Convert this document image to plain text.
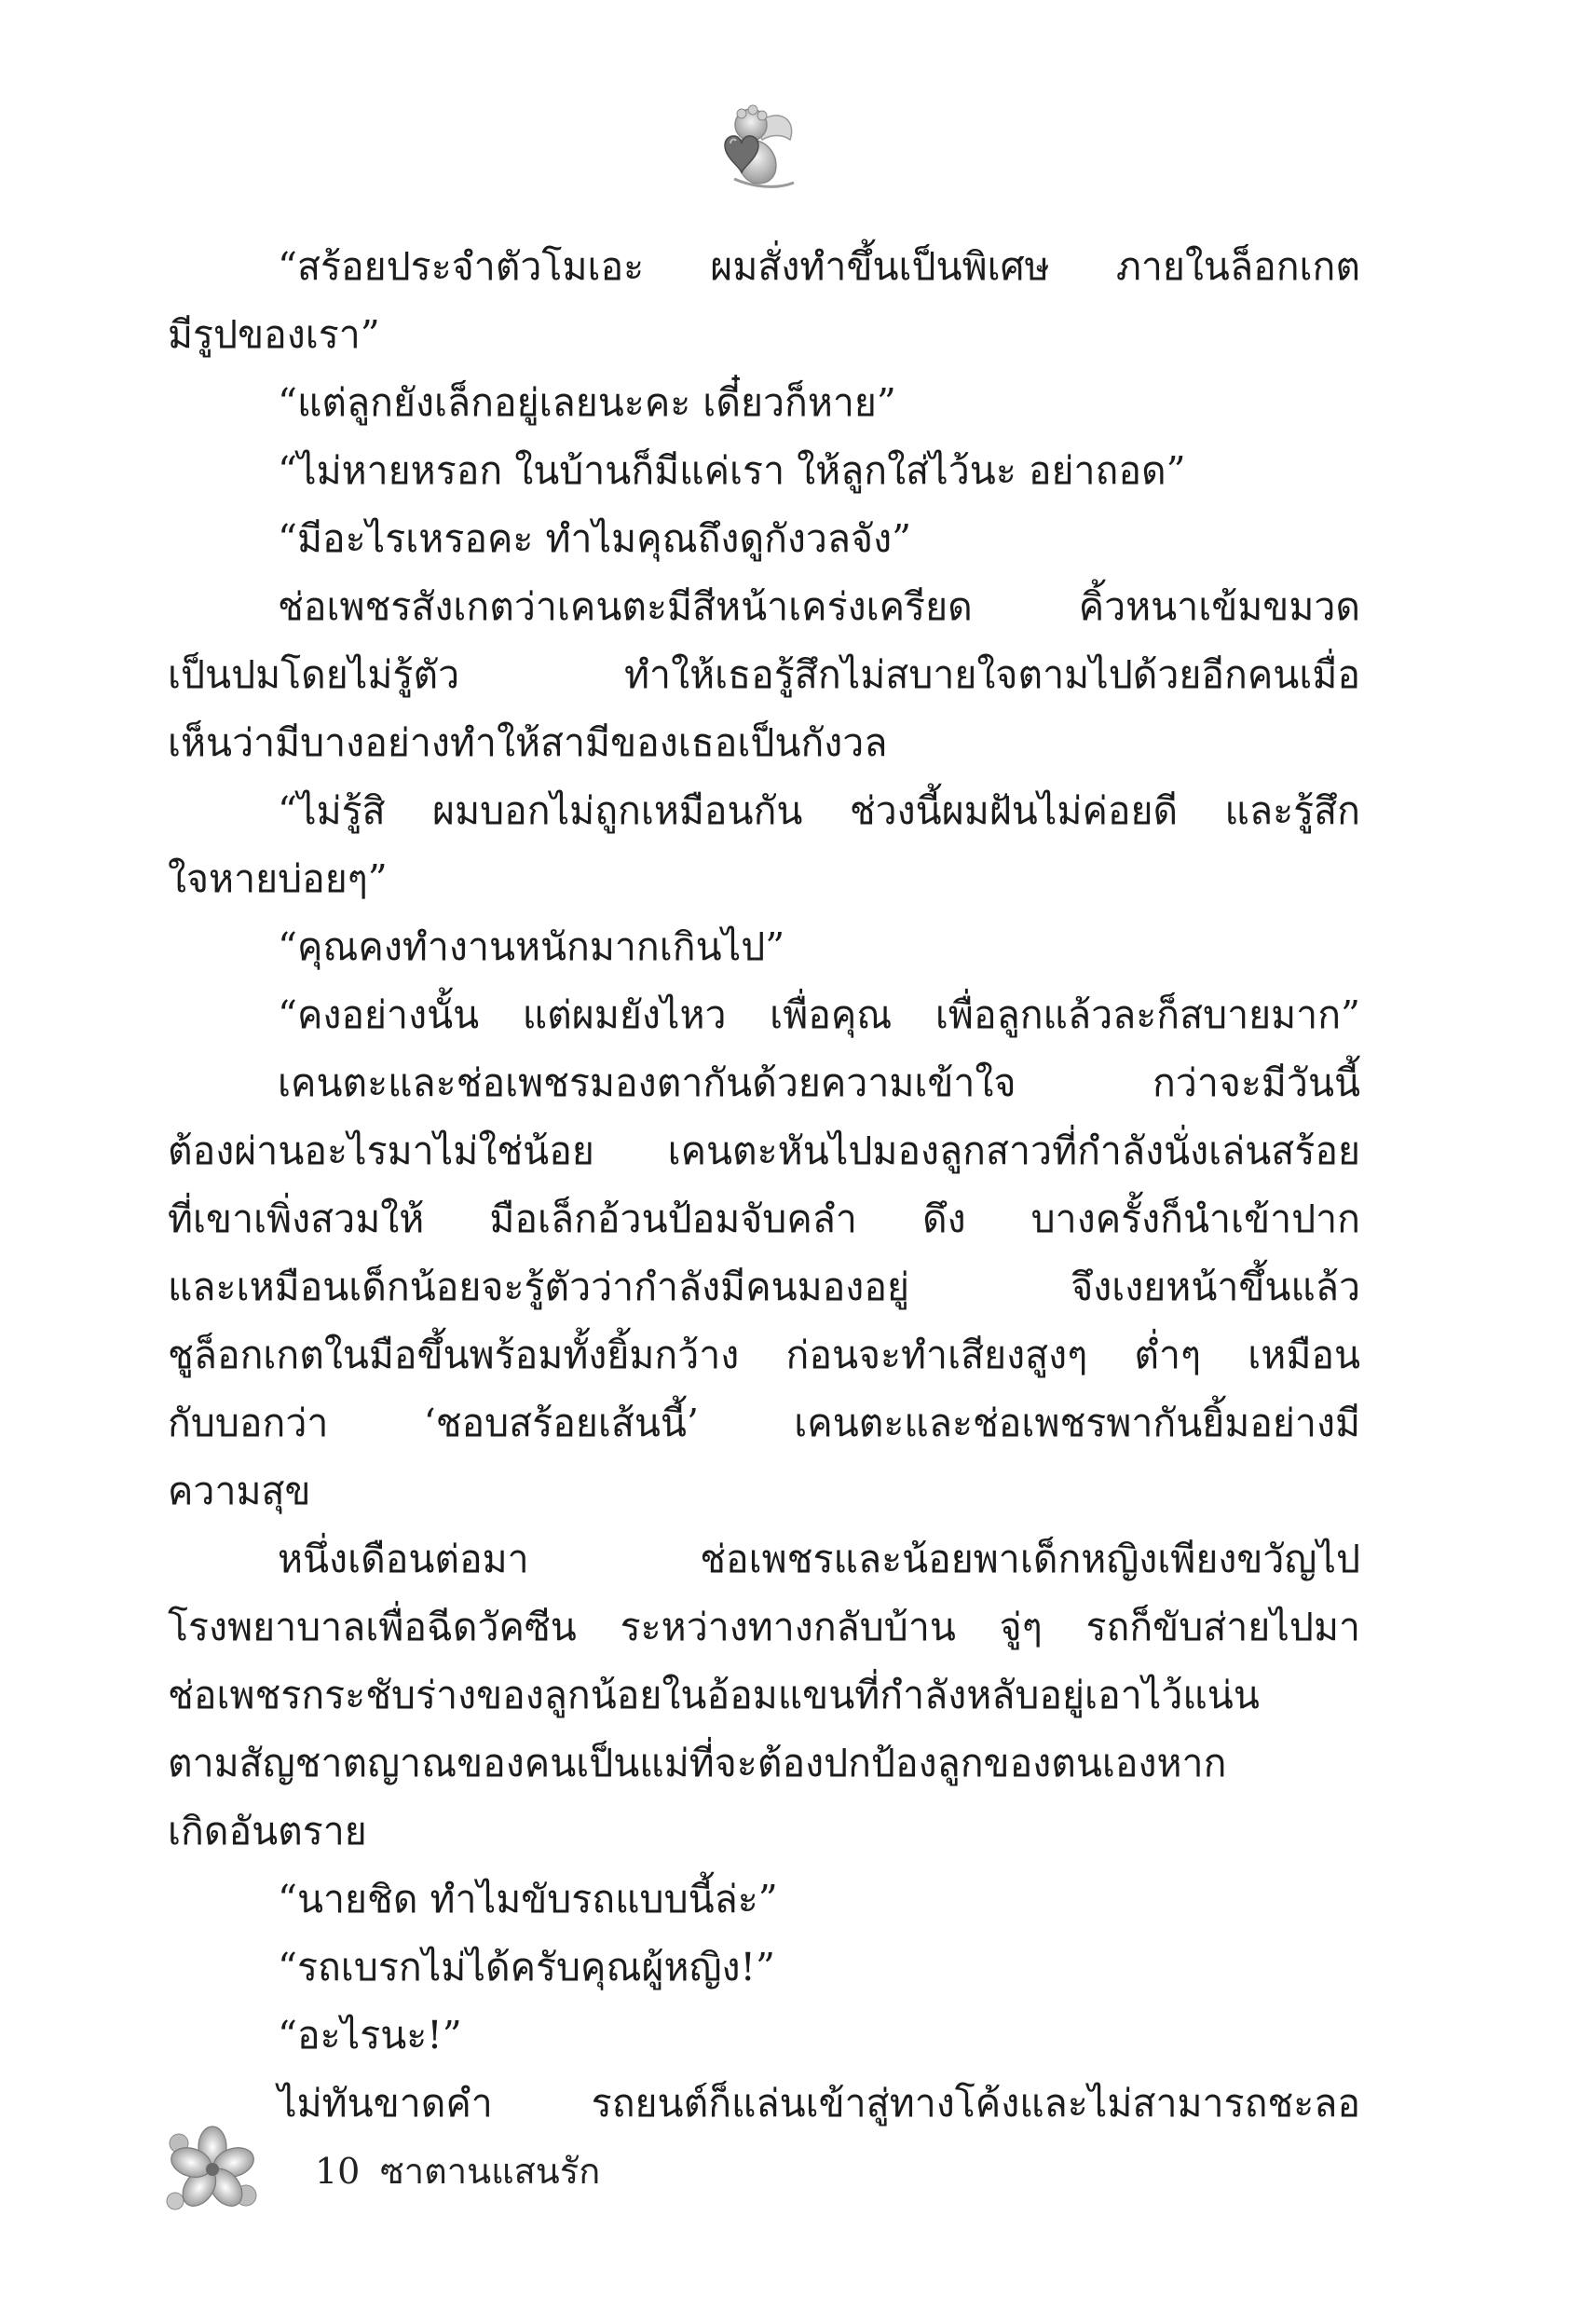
“สร้อยประจำตัวโมเอะ ผมสั่งทำขึ้นเป็นพิเศษ ภายในล็อกเกต
มีรูปของเรา”
“แต่ลูกยังเล็กอยู่เลยนะคะ เดี๋ยวก็หาย”
“ไม่หายหรอก ในบ้านก็มีแค่เรา ให้ลูกใส่ไว้นะ อย่าถอด”
“มีอะไรเหรอคะ ทำไมคุณถึงดูกังวลจัง”
ช่อเพชรสังเกตว่าเคนตะมีสีหน้าเคร่งเครียด คิ้วหนาเข้มขมวด
เป็นปมโดยไม่รู้ตัว ทำให้เธอรู้สึกไม่สบายใจตามไปด้วยอีกคนเมื่อ
เห็นว่ามีบางอย่างทำให้สามีของเธอเป็นกังวล
“ไม่รู้สิ ผมบอกไม่ถูกเหมือนกัน ช่วงนี้ผมฝันไม่ค่อยดี และรู้สึก
ใจหายบ่อยๆ”
“คุณคงทำงานหนักมากเกินไป”
“คงอย่างนั้น แต่ผมยังไหว เพื่อคุณ เพื่อลูกแล้วละก็สบายมาก”
เคนตะและช่อเพชรมองตากันด้วยความเข้าใจ กว่าจะมีวันนี้
ต้องผ่านอะไรมาไม่ใช่น้อย เคนตะหันไปมองลูกสาวที่กำลังนั่งเล่นสร้อย
ที่เขาเพิ่งสวมให้ มือเล็กอ้วนป้อมจับคลำ ดึง บางครั้งก็นำเข้าปาก
และเหมือนเด็กน้อยจะรู้ตัวว่ากำลังมีคนมองอยู่ จึงเงยหน้าขึ้นแล้ว
ชูล็อกเกตในมือขึ้นพร้อมทั้งยิ้มกว้าง ก่อนจะทำเสียงสูงๆ ต่ำๆ เหมือน
กับบอกว่า ‘ชอบสร้อยเส้นนี้’ เคนตะและช่อเพชรพากันยิ้มอย่างมี
ความสุข
หนึ่งเดือนต่อมา ช่อเพชรและน้อยพาเด็กหญิงเพียงขวัญไป
โรงพยาบาลเพื่อฉีดวัคซีน ระหว่างทางกลับบ้าน จู่ๆ รถก็ขับส่ายไปมา
ช่อเพชรกระชับร่างของลูกน้อยในอ้อมแขนที่กำลังหลับอยู่เอาไว้แน่น
ตามสัญชาตญาณของคนเป็นแม่ที่จะต้องปกป้องลูกของตนเองหาก
เกิดอันตราย
“นายชิด ทำไมขับรถแบบนี้ล่ะ”
“รถเบรกไม่ได้ครับคุณผู้หญิง!”
“อะไรนะ!”
ไม่ทันขาดคำ รถยนต์ก็แล่นเข้าสู่ทางโค้งและไม่สามารถชะลอ
10 ซาตานแสนรัก
